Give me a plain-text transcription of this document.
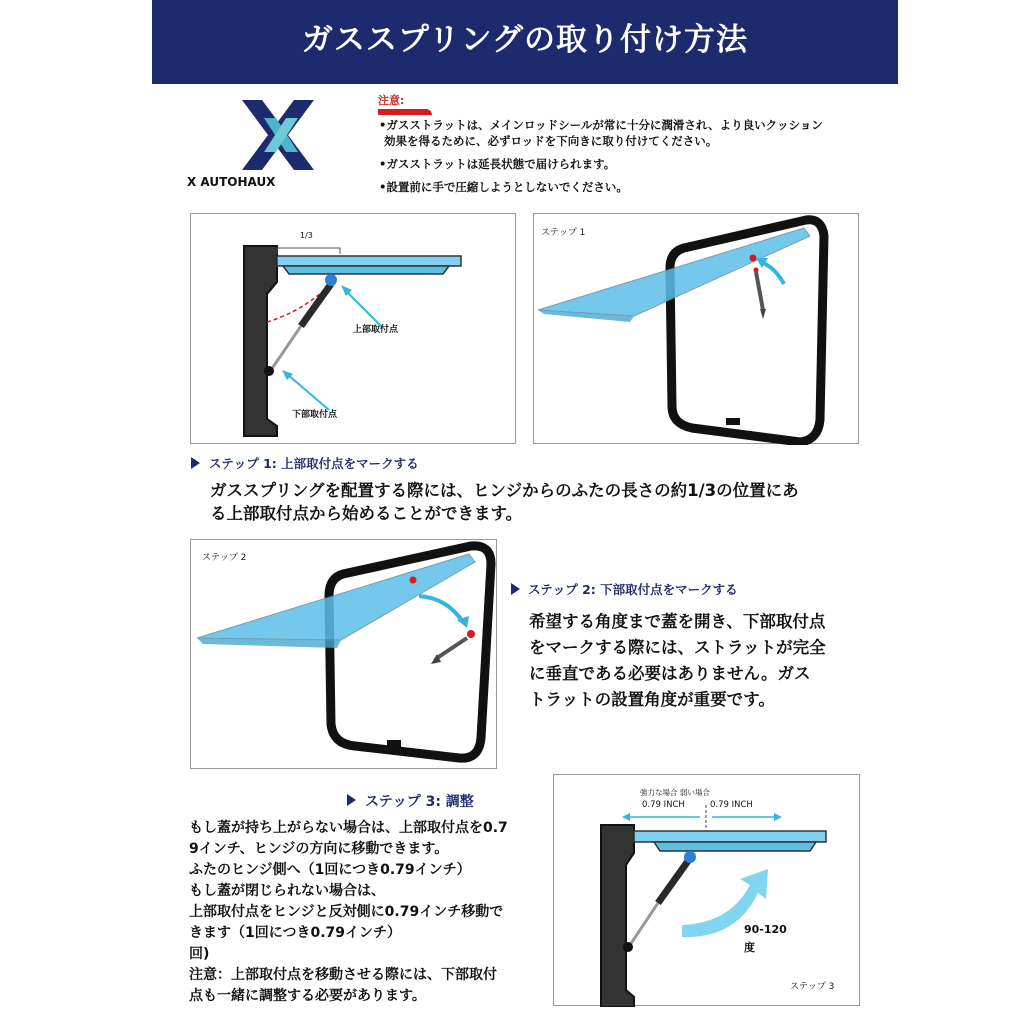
ガススプリングの取り付け方法
X AUTOHAUX
注意:
•ガスストラットは、メインロッドシールが常に十分に潤滑され、より良いクッション
効果を得るために、必ずロッドを下向きに取り付けてください。
•ガスストラットは延長状態で届けられます。
•設置前に手で圧縮しようとしないでください。
1/3
上部取付点
下部取付点
ステップ 1
ステップ 1: 上部取付点をマークする
ガススプリングを配置する際には、ヒンジからのふたの長さの約1/3の位置にあ
る上部取付点から始めることができます。
ステップ 2
ステップ 2: 下部取付点をマークする
希望する角度まで蓋を開き、下部取付点
をマークする際には、ストラットが完全
に垂直である必要はありません。ガス
トラットの設置角度が重要です。
ステップ 3: 調整
もし蓋が持ち上がらない場合は、上部取付点を0.7
9インチ、ヒンジの方向に移動できます。
ふたのヒンジ側へ（1回につき0.79インチ）
もし蓋が閉じられない場合は、
上部取付点をヒンジと反対側に0.79インチ移動で
きます（1回につき0.79インチ）
回)
注意：上部取付点を移動させる際には、下部取付
点も一緒に調整する必要があります。
強力な場合 弱い場合
0.79 INCH	0.79 INCH
90-120
度
ステップ 3
